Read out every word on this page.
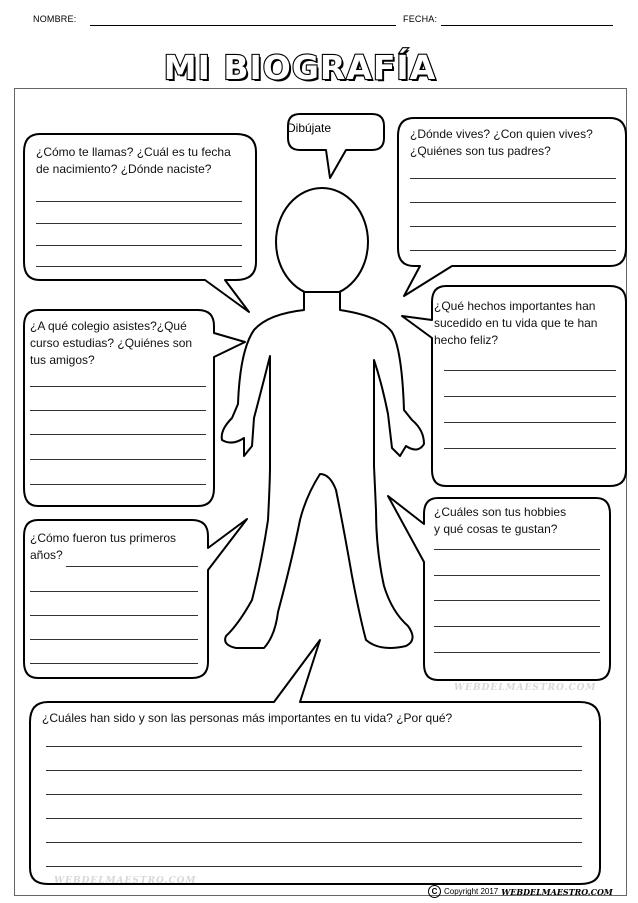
NOMBRE:	FECHA:
MI BIOGRAFÍA
Dibújate
¿Cómo te llamas? ¿Cuál es tu fecha
de nacimiento? ¿Dónde naciste?
¿Dónde vives? ¿Con quien vives?
¿Quiénes son tus padres?
¿A qué colegio asistes?¿Qué
curso estudias? ¿Quiénes son
tus amigos?
¿Qué hechos importantes han
sucedido en tu vida que te han
hecho feliz?
¿Cómo fueron tus primeros
años?
¿Cuáles son tus hobbies
y qué cosas te gustan?
¿Cuáles han sido y son las personas más importantes en tu vida? ¿Por qué?
WEBDELMAESTRO.COM
WEBDELMAESTRO.COM
C Copyright 2017 WEBDELMAESTRO.COM
